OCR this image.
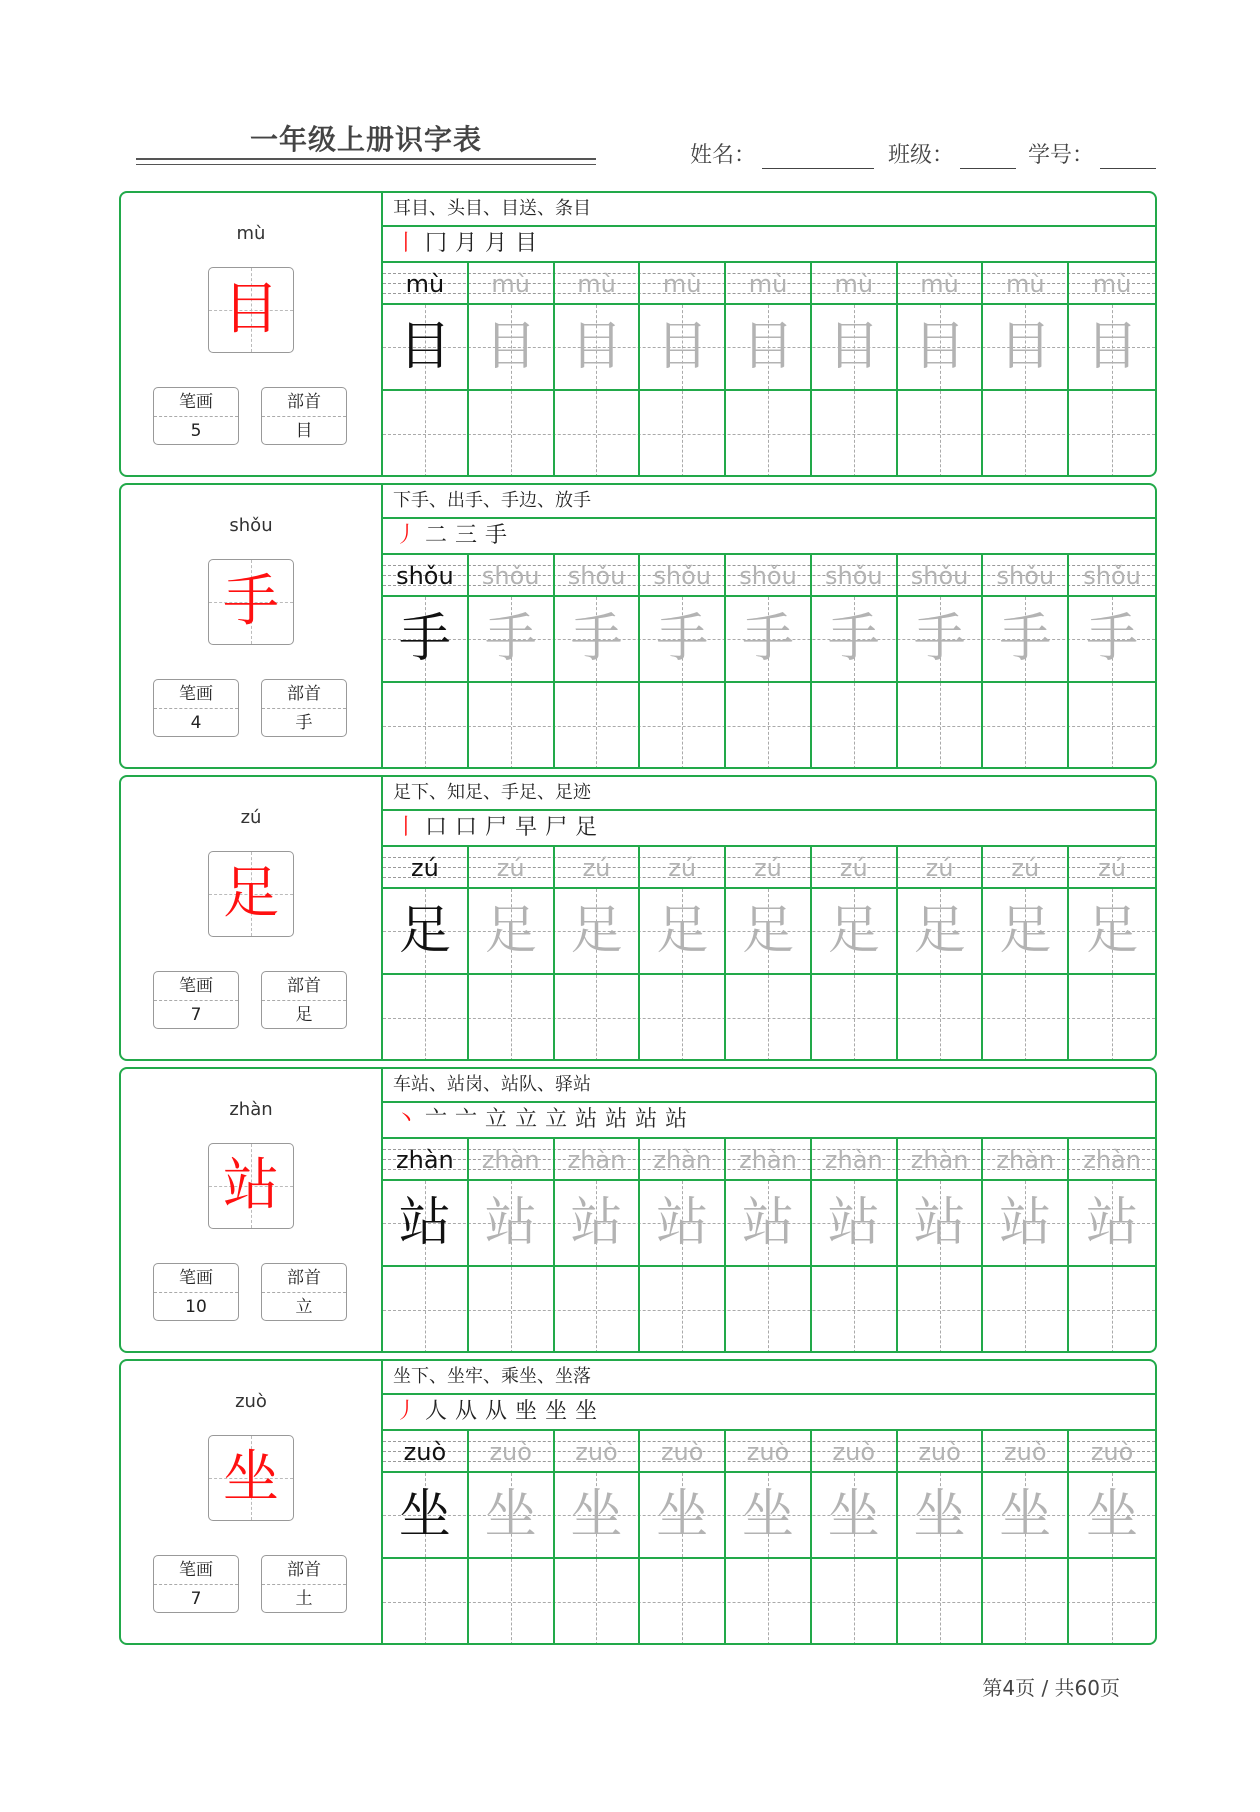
一年级上册识字表	姓名：	班级：	学号：
mù
目
笔画
5
部首
目
耳目、头目、目送、条目
丨 冂 月 月 目
mù	mù	mù	mù	mù	mù	mù	mù	mù
目 目 目 目 目 目 目 目 目
shǒu
手
笔画
4
部首
手
下手、出手、手边、放手
丿 二 三 手
shǒu	shǒu	shǒu	shǒu	shǒu	shǒu	shǒu	shǒu	shǒu
手 手 手 手 手 手 手 手 手
zú
足
笔画
7
部首
足
足下、知足、手足、足迹
丨 口 口 尸 早 尸 足
zú	zú	zú	zú	zú	zú	zú	zú	zú
足 足 足 足 足 足 足 足 足
zhàn
站
笔画
10
部首
立
车站、站岗、站队、驿站
丶 亠 亠 立 立 立 站 站 站 站
zhàn	zhàn	zhàn	zhàn	zhàn	zhàn	zhàn	zhàn	zhàn
站 站 站 站 站 站 站 站 站
zuò
坐
笔画
7
部首
土
坐下、坐牢、乘坐、坐落
丿 人 从 从 㘴 坐 坐
zuò	zuò	zuò	zuò	zuò	zuò	zuò	zuò	zuò
坐 坐 坐 坐 坐 坐 坐 坐 坐
第4页 / 共60页
